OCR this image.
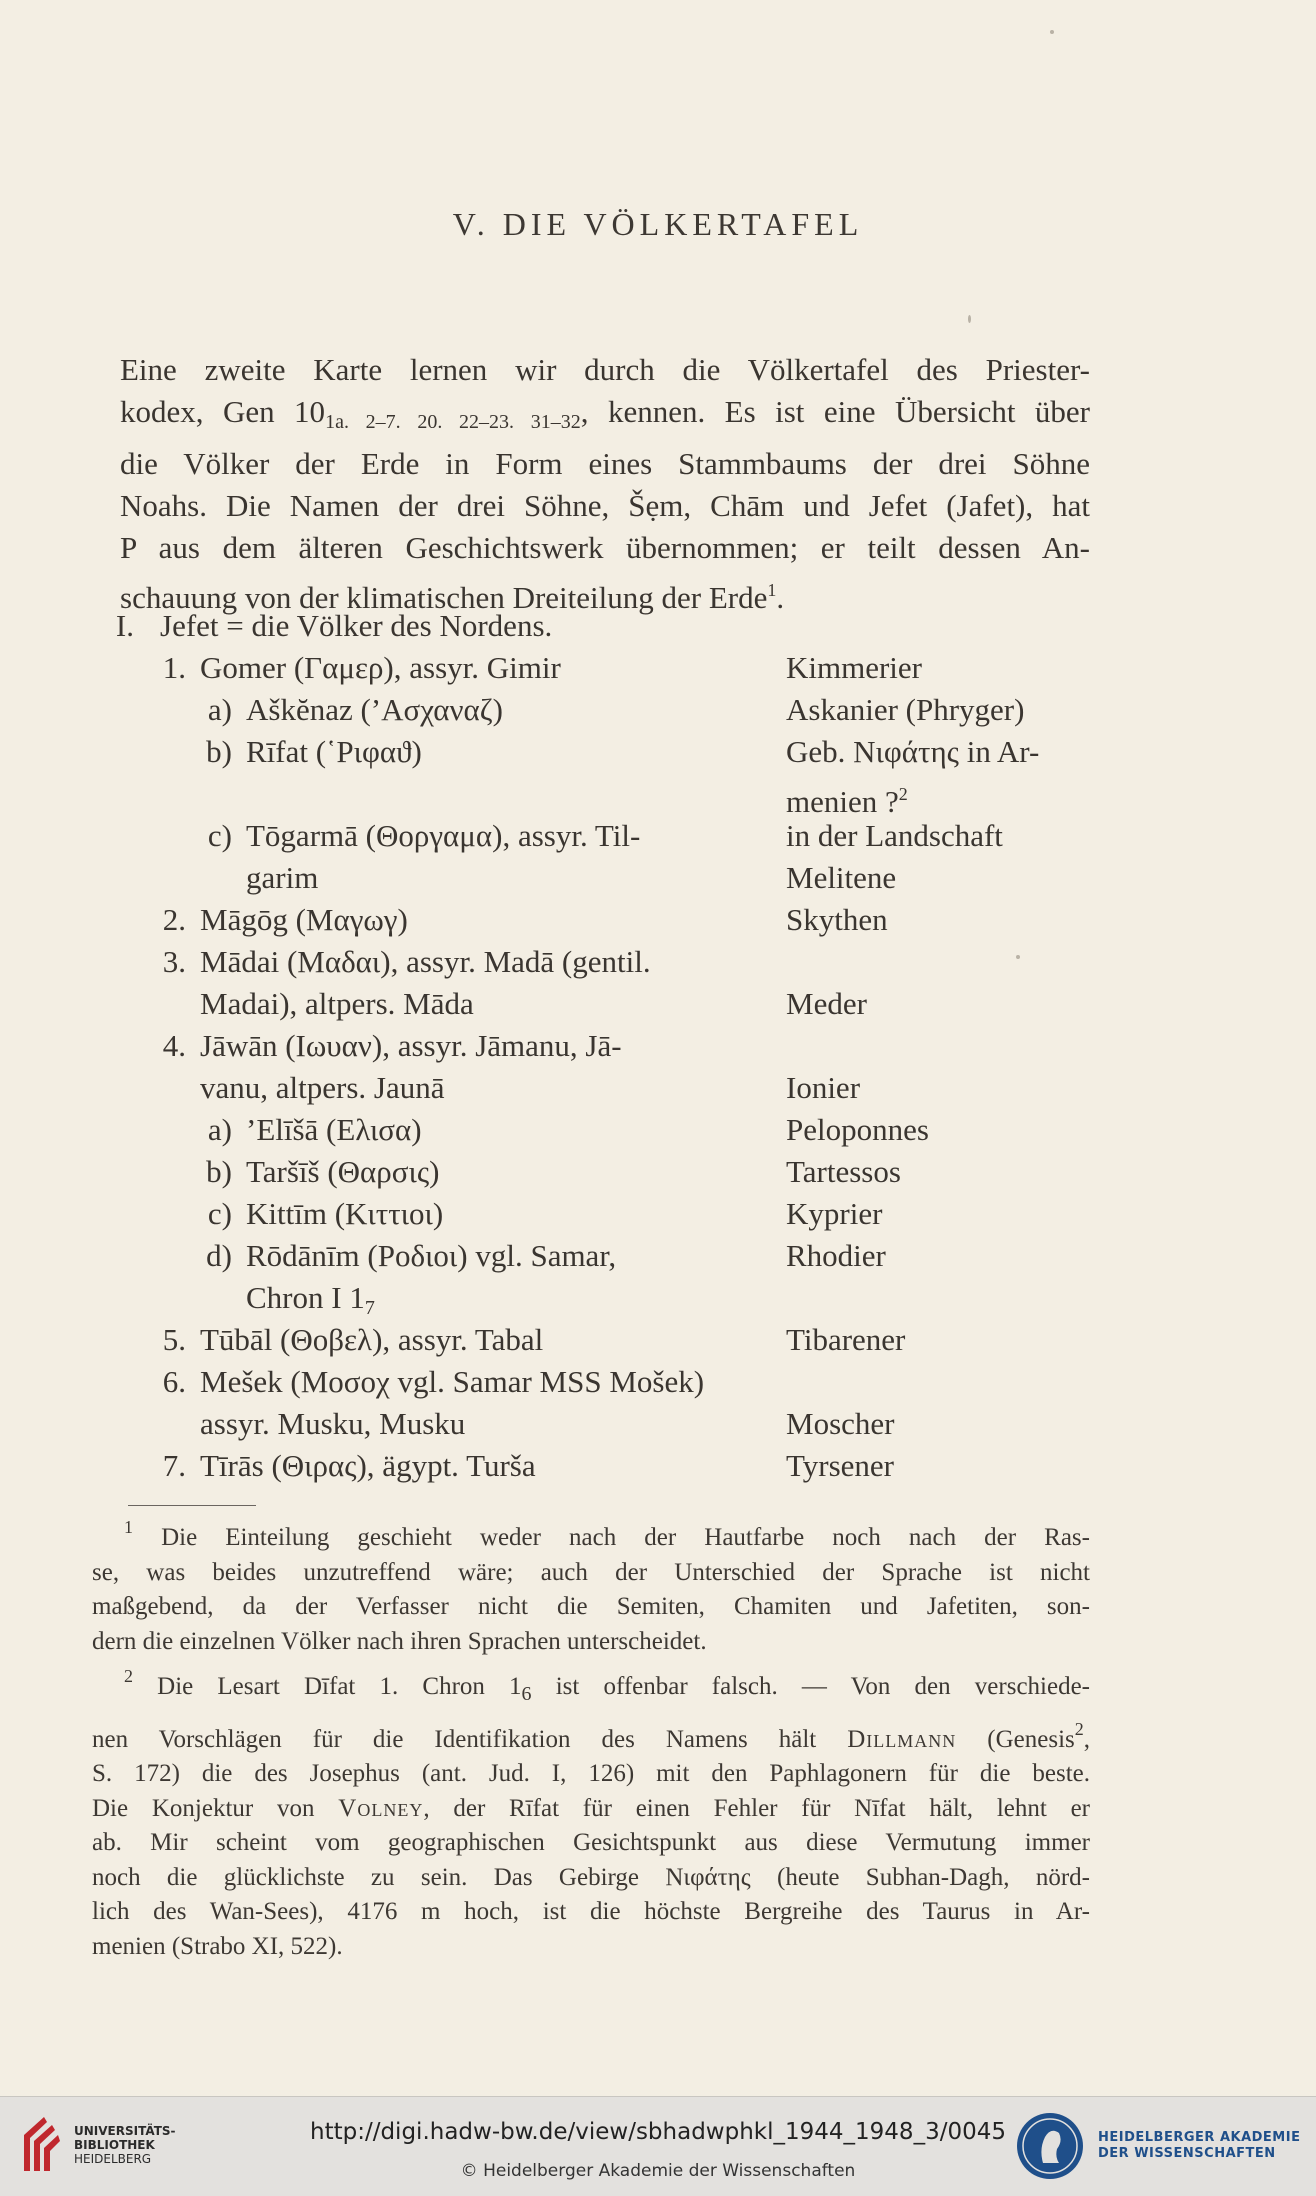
V. DIE VÖLKERTAFEL
Eine zweite Karte lernen wir durch die Völkertafel des Priester-
kodex, Gen $10_{1a. 2-7. 20. 22-23. 31-32}$, kennen. Es ist eine Übersicht über
die Völker der Erde in Form eines Stammbaums der drei Söhne
Noahs. Die Namen der drei Söhne, Šẹm, Chām und Jefet (Jafet), hat
P aus dem älteren Geschichtswerk übernommen; er teilt dessen An-
schauung von der klimatischen Dreiteilung der Erde$^1$.
I. Jefet = die Völker des Nordens.
1. Gomer (Γαμερ), assyr. Gimir	Kimmerier
a) Aškĕnaz (’Ασχαναζ)	Askanier (Phryger)
b) Rīfat (῾Ριφαϑ)	Geb. Νιφάτης in Ar-
menien ?$^2$
c) Tōgarmā (Θοργαμα), assyr. Til-	in der Landschaft
garim	Melitene
2. Māgōg (Μαγωγ)	Skythen
3. Mādai (Μαδαι), assyr. Madā (gentil.
Madai), altpers. Māda	Meder
4. Jāwān (Ιωυαν), assyr. Jāmanu, Jā-
vanu, altpers. Jaunā	Ionier
a) ’Elīšā (Ελισα)	Peloponnes
b) Taršīš (Θαρσις)	Tartessos
c) Kittīm (Κιττιοι)	Kyprier
d) Rōdānīm (Ροδιοι) vgl. Samar,	Rhodier
Chron I $1_7$
5. Tūbāl (Θοβελ), assyr. Tabal	Tibarener
6. Mešek (Μοσοχ vgl. Samar MSS Mošek)
assyr. Musku, Musku	Moscher
7. Tīrās (Θιρας), ägypt. Turša	Tyrsener
$^1$ Die Einteilung geschieht weder nach der Hautfarbe noch nach der Ras-
se, was beides unzutreffend wäre; auch der Unterschied der Sprache ist nicht
maßgebend, da der Verfasser nicht die Semiten, Chamiten und Jafetiten, son-
dern die einzelnen Völker nach ihren Sprachen unterscheidet.
$^2$ Die Lesart Dīfat 1. Chron $1_6$ ist offenbar falsch. — Von den verschiede-
nen Vorschlägen für die Identifikation des Namens hält Dillmann (Genesis$^2$,
S. 172) die des Josephus (ant. Jud. I, 126) mit den Paphlagonern für die beste.
Die Konjektur von Volney, der Rīfat für einen Fehler für Nīfat hält, lehnt er
ab. Mir scheint vom geographischen Gesichtspunkt aus diese Vermutung immer
noch die glücklichste zu sein. Das Gebirge Νιφάτης (heute Subhan-Dagh, nörd-
lich des Wan-Sees), 4176 m hoch, ist die höchste Bergreihe des Taurus in Ar-
menien (Strabo XI, 522).
UNIVERSITÄTS-
BIBLIOTHEK
HEIDELBERG
http://digi.hadw-bw.de/view/sbhadwphkl_1944_1948_3/0045
© Heidelberger Akademie der Wissenschaften
HEIDELBERGER AKADEMIE
DER WISSENSCHAFTEN
